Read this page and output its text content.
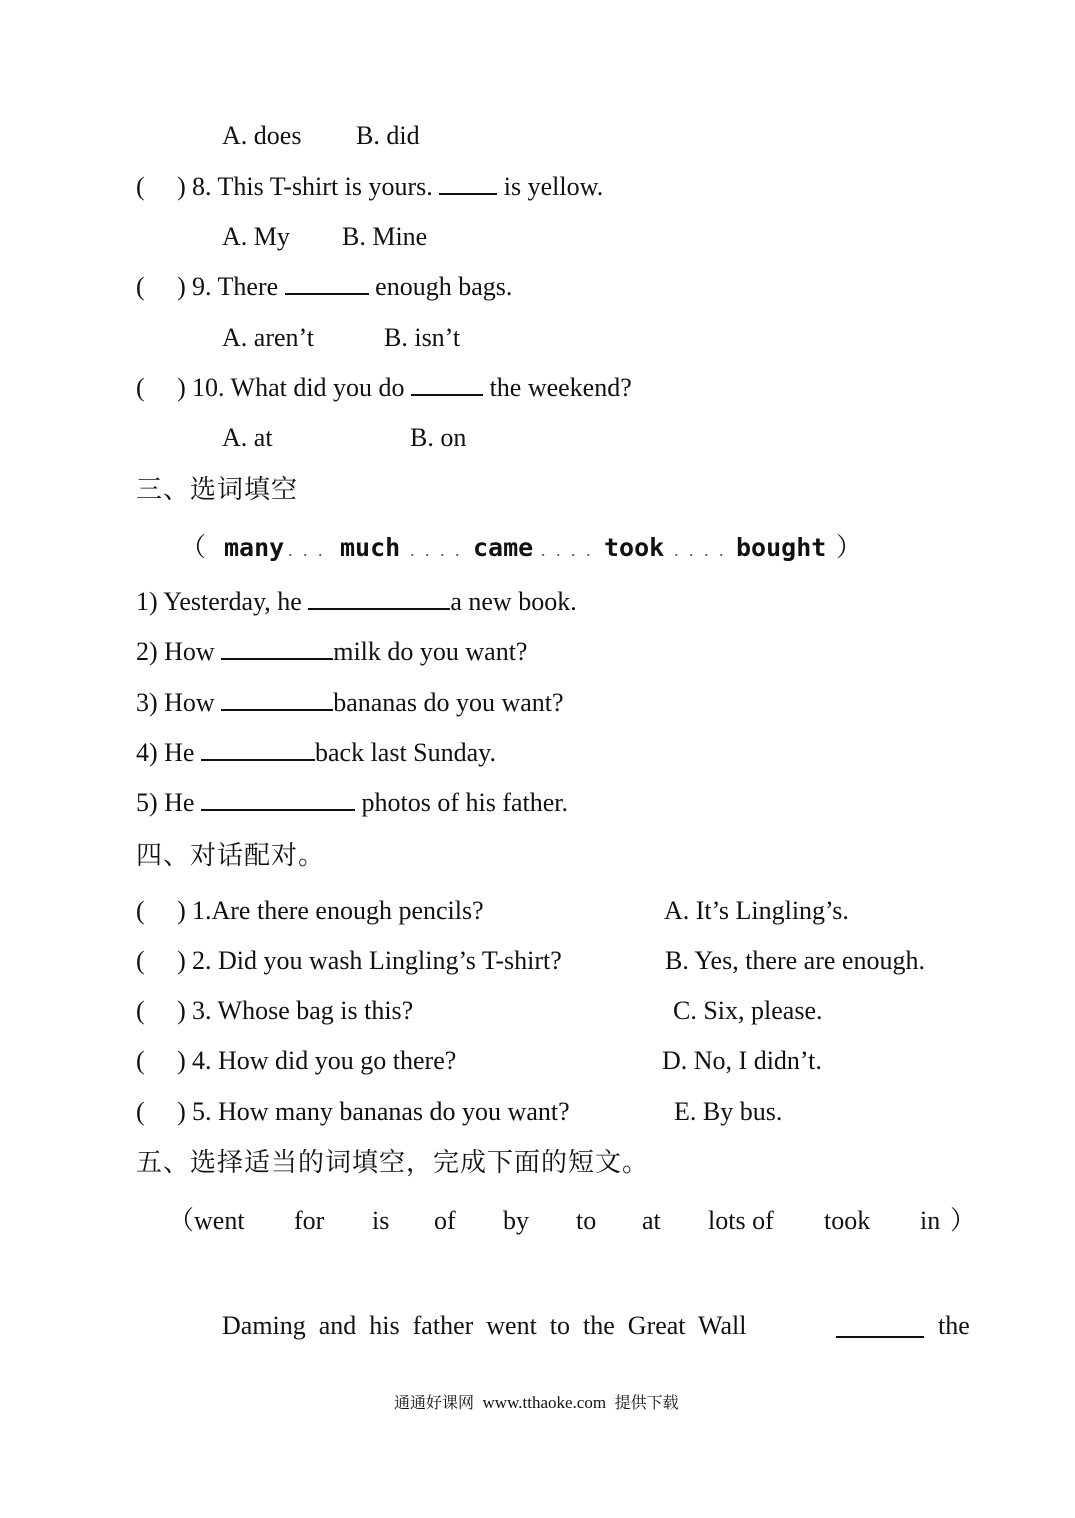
A. does B. did
(     ) 8. This T-shirt is yours.	is yellow.
A. My B. Mine
(     ) 9. There	enough bags.
A. aren’t	B. isn’t
(     ) 10. What did you do	the weekend?
A. at	B. on
三、选词填空
（ many . . . much . . . . came . . . . took . . . . bought ）
1) Yesterday, he	a new book.
2) How	milk do you want?
3) How	bananas do you want?
4) He	back last Sunday.
5) He	photos of his father.
四、对话配对。
(     ) 1.Are there enough pencils?	A. It’s Lingling’s.
(     ) 2. Did you wash Lingling’s T-shirt?	B. Yes, there are enough.
(     ) 3. Whose bag is this?	C. Six, please.
(     ) 4. How did you go there?	D. No, I didn’t.
(     ) 5. How many bananas do you want?	E. By bus.
五、选择适当的词填空，完成下面的短文。
（
went for is of by to at lots of took in ）
Daming  and  his  father  went  to  the  Great  Wall	the
通通好课网 www.tthaoke.com 提供下载
